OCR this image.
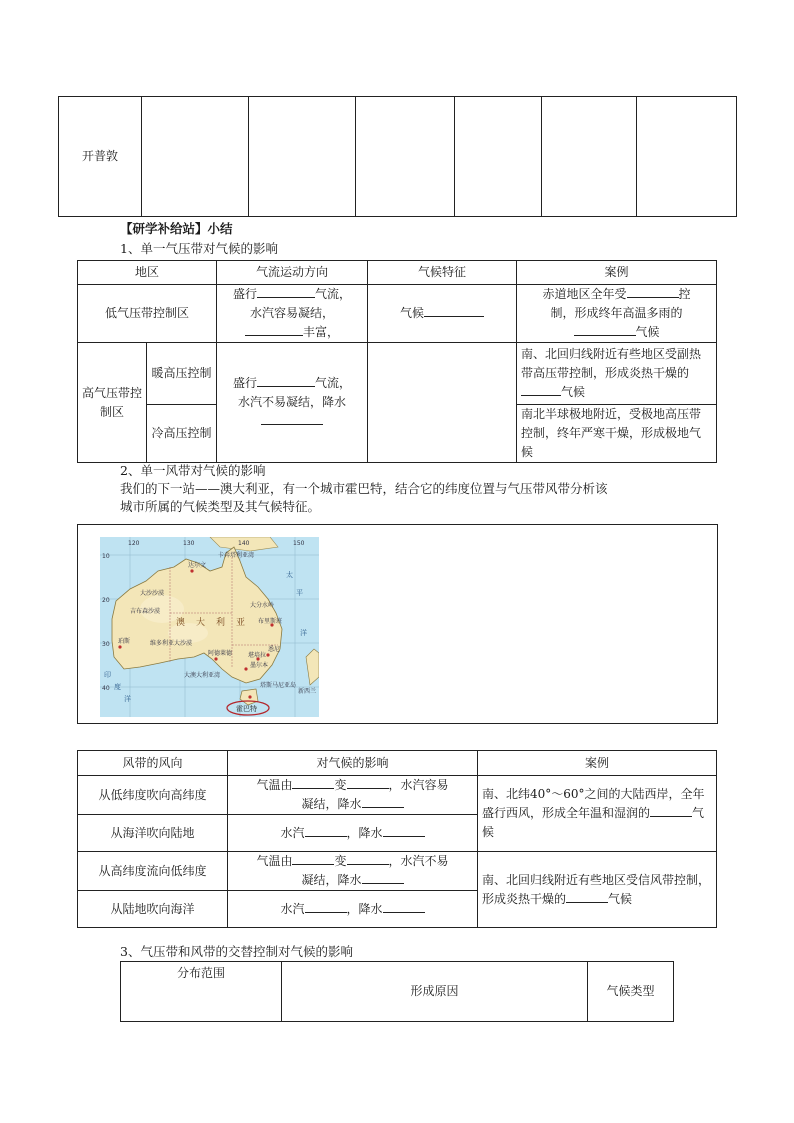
开普敦						
【研学补给站】小结
1、单一气压带对气候的影响
地区		气流运动方向	气候特征	案例
低气压带控制区		盛行 气流，
水汽容易凝结，
丰富，	气候	赤道地区全年受 控
制，形成终年高温多雨的
气候
高气压带控制区	暖高压控制	盛行 气流，
水汽不易凝结，降水		南、北回归线附近有些地区受副热带高压带控制，形成炎热干燥的气候
	冷高压控制			南北半球极地附近，受极地高压带控制，终年严寒干燥，形成极地气候
2、单一风带对气候的影响
我们的下一站——澳大利亚，有一个城市霍巴特，结合它的纬度位置与气压带风带分析该
城市所属的气候类型及其气候特征。
120	130	140	150
10
20
30
40
太
平
洋
印
度
洋
澳 大 利 亚
大沙沙漠
大分水岭
吉布森沙漠
维多利亚大沙漠
墨尔本
悉尼
堪培拉
布里斯班
阿德莱德
珀斯
达尔文
卡奔塔利亚湾
大澳大利亚湾
塔斯马尼亚岛
新西兰
霍巴特
风带的风向	对气候的影响	案例
从低纬度吹向高纬度	气温由 变 ，水汽容易
凝结，降水	南、北纬40°～60°之间的大陆西岸，全年盛行西风，形成全年温和湿润的 气候
从海洋吹向陆地	水汽 ，降水	
从高纬度流向低纬度	气温由 变 ，水汽不易
凝结，降水	南、北回归线附近有些地区受信风带控制，形成炎热干燥的 气候
从陆地吹向海洋	水汽 ，降水	
3、气压带和风带的交替控制对气候的影响
分布范围	形成原因	气候类型
